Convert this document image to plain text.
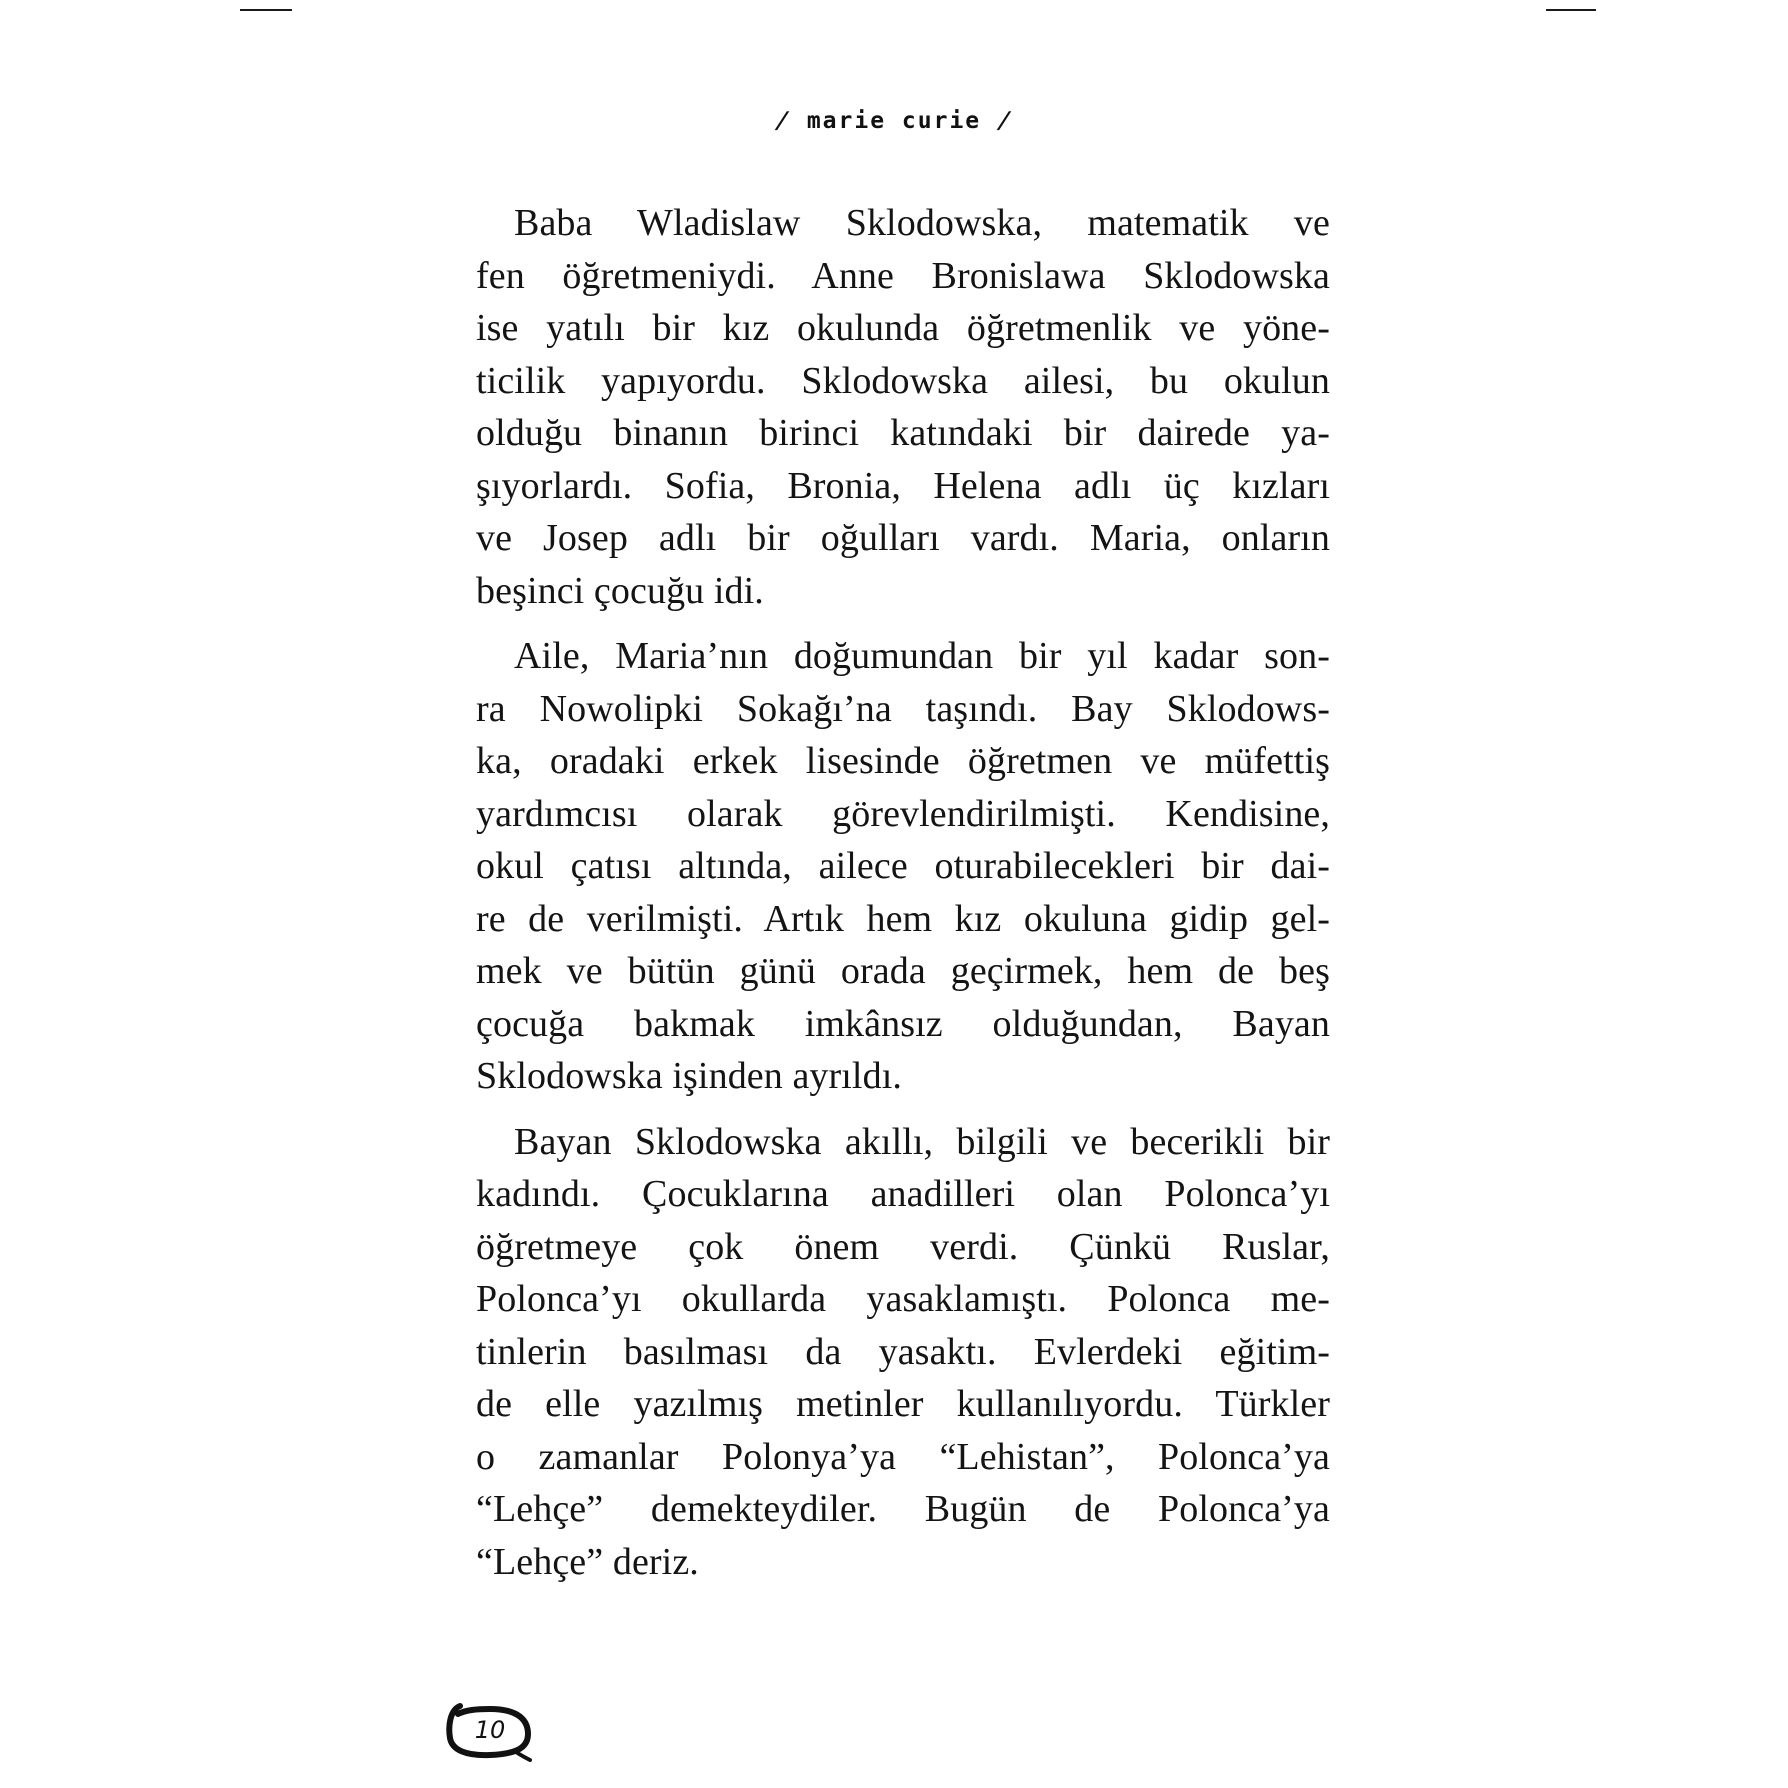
/ marie curie /

Baba Wladislaw Sklodowska, matematik ve
fen öğretmeniydi. Anne Bronislawa Sklodowska
ise yatılı bir kız okulunda öğretmenlik ve yöne-
ticilik yapıyordu. Sklodowska ailesi, bu okulun
olduğu binanın birinci katındaki bir dairede ya-
şıyorlardı. Sofia, Bronia, Helena adlı üç kızları
ve Josep adlı bir oğulları vardı. Maria, onların
beşinci çocuğu idi.

Aile, Maria’nın doğumundan bir yıl kadar son-
ra Nowolipki Sokağı’na taşındı. Bay Sklodows-
ka, oradaki erkek lisesinde öğretmen ve müfettiş
yardımcısı olarak görevlendirilmişti. Kendisine,
okul çatısı altında, ailece oturabilecekleri bir dai-
re de verilmişti. Artık hem kız okuluna gidip gel-
mek ve bütün günü orada geçirmek, hem de beş
çocuğa bakmak imkânsız olduğundan, Bayan
Sklodowska işinden ayrıldı.

Bayan Sklodowska akıllı, bilgili ve becerikli bir
kadındı. Çocuklarına anadilleri olan Polonca’yı
öğretmeye çok önem verdi. Çünkü Ruslar,
Polonca’yı okullarda yasaklamıştı. Polonca me-
tinlerin basılması da yasaktı. Evlerdeki eğitim-
de elle yazılmış metinler kullanılıyordu. Türkler
o zamanlar Polonya’ya “Lehistan”, Polonca’ya
“Lehçe” demekteydiler. Bugün de Polonca’ya
“Lehçe” deriz.

10
